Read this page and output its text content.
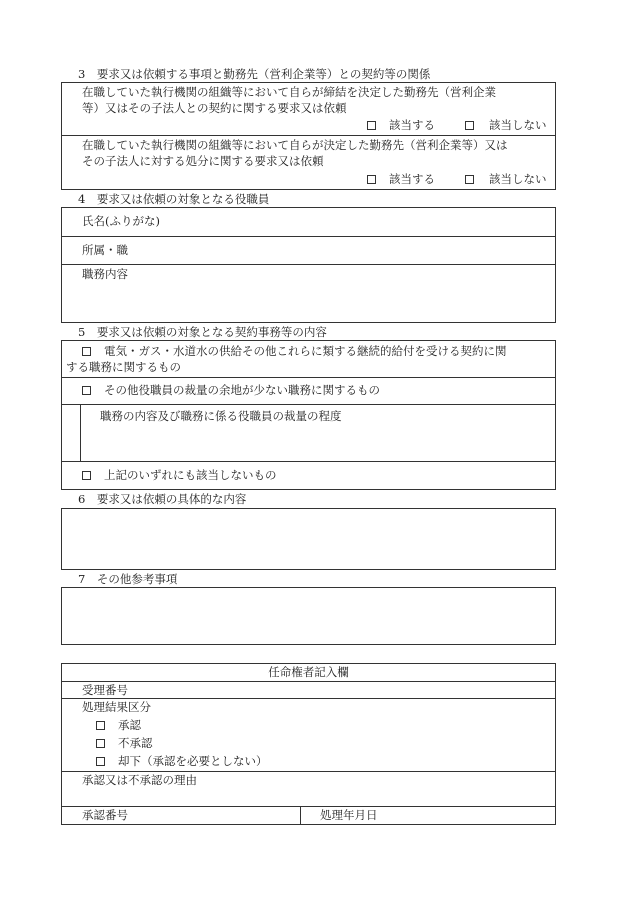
3　要求又は依頼する事項と勤務先（営利企業等）との契約等の関係
在職していた執行機関の組織等において自らが締結を決定した勤務先（営利企業
等）又はその子法人との契約に関する要求又は依頼
該当する	該当しない
在職していた執行機関の組織等において自らが決定した勤務先（営利企業等）又は
その子法人に対する処分に関する要求又は依頼
該当する	該当しない
4　要求又は依頼の対象となる役職員
氏名(ふりがな)
所属・職
職務内容
5　要求又は依頼の対象となる契約事務等の内容
電気・ガス・水道水の供給その他これらに類する継続的給付を受ける契約に関
する職務に関するもの
その他役職員の裁量の余地が少ない職務に関するもの
職務の内容及び職務に係る役職員の裁量の程度
上記のいずれにも該当しないもの
6　要求又は依頼の具体的な内容
7　その他参考事項
任命権者記入欄
受理番号
処理結果区分
承認
不承認
却下（承認を必要としない）
承認又は不承認の理由
承認番号	処理年月日
